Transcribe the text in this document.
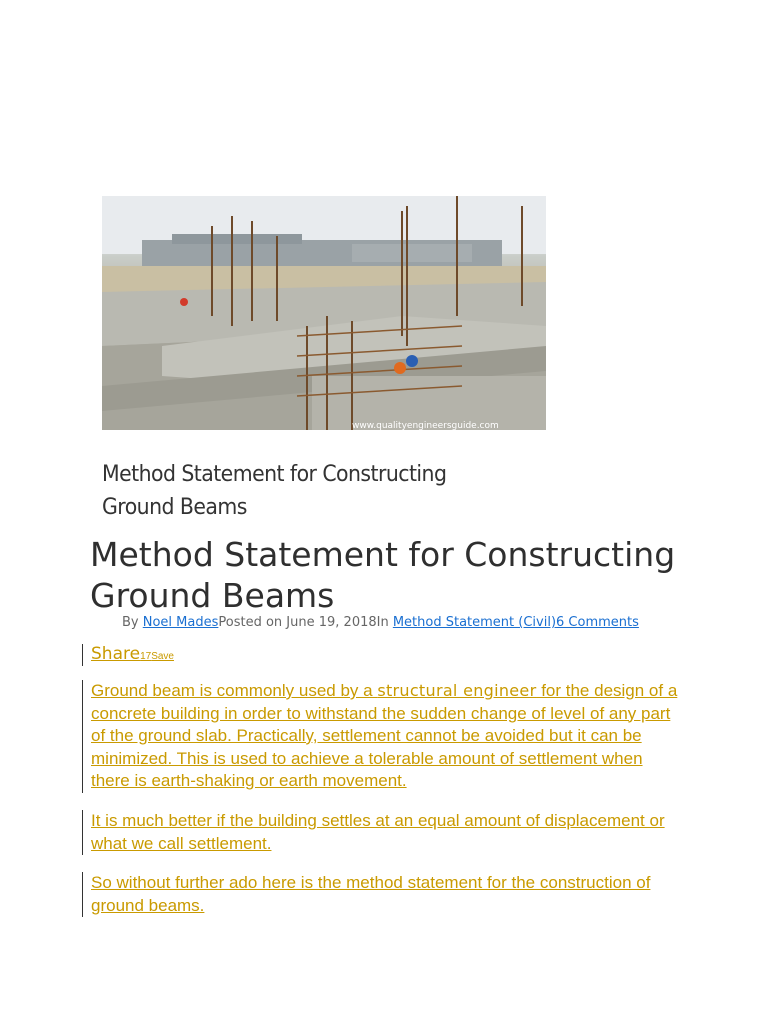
www.qualityengineersguide.com
Method Statement for Constructing Ground Beams
Method Statement for Constructing Ground Beams
By Noel MadesPosted on June 19, 2018In Method Statement (Civil)6 Comments
Share17Save

Ground beam is commonly used by a structural engineer for the design of a concrete building in order to withstand the sudden change of level of any part of the ground slab. Practically, settlement cannot be avoided but it can be minimized. This is used to achieve a tolerable amount of settlement when there is earth-shaking or earth movement.

It is much better if the building settles at an equal amount of displacement or what we call settlement.

So without further ado here is the method statement for the construction of ground beams.
